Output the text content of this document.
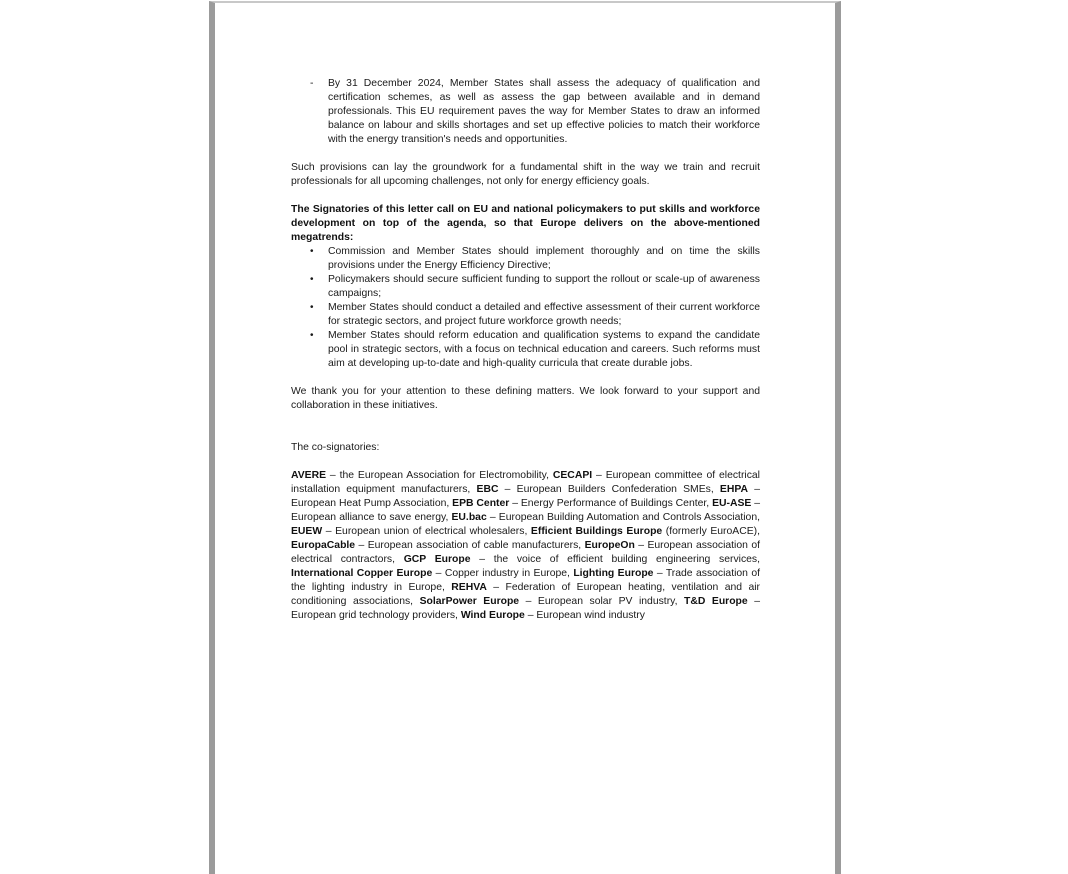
- By 31 December 2024, Member States shall assess the adequacy of qualification and certification schemes, as well as assess the gap between available and in demand professionals. This EU requirement paves the way for Member States to draw an informed balance on labour and skills shortages and set up effective policies to match their workforce with the energy transition's needs and opportunities.

Such provisions can lay the groundwork for a fundamental shift in the way we train and recruit professionals for all upcoming challenges, not only for energy efficiency goals.

The Signatories of this letter call on EU and national policymakers to put skills and workforce development on top of the agenda, so that Europe delivers on the above-mentioned megatrends:

• Commission and Member States should implement thoroughly and on time the skills provisions under the Energy Efficiency Directive;

• Policymakers should secure sufficient funding to support the rollout or scale-up of awareness campaigns;

• Member States should conduct a detailed and effective assessment of their current workforce for strategic sectors, and project future workforce growth needs;

• Member States should reform education and qualification systems to expand the candidate pool in strategic sectors, with a focus on technical education and careers. Such reforms must aim at developing up-to-date and high-quality curricula that create durable jobs.

We thank you for your attention to these defining matters. We look forward to your support and collaboration in these initiatives.

The co-signatories:

AVERE – the European Association for Electromobility, CECAPI – European committee of electrical installation equipment manufacturers, EBC – European Builders Confederation SMEs, EHPA – European Heat Pump Association, EPB Center – Energy Performance of Buildings Center, EU-ASE – European alliance to save energy, EU.bac – European Building Automation and Controls Association, EUEW – European union of electrical wholesalers, Efficient Buildings Europe (formerly EuroACE), EuropaCable – European association of cable manufacturers, EuropeOn – European association of electrical contractors, GCP Europe – the voice of efficient building engineering services, International Copper Europe – Copper industry in Europe, Lighting Europe – Trade association of the lighting industry in Europe, REHVA – Federation of European heating, ventilation and air conditioning associations, SolarPower Europe – European solar PV industry, T&D Europe – European grid technology providers, Wind Europe – European wind industry
